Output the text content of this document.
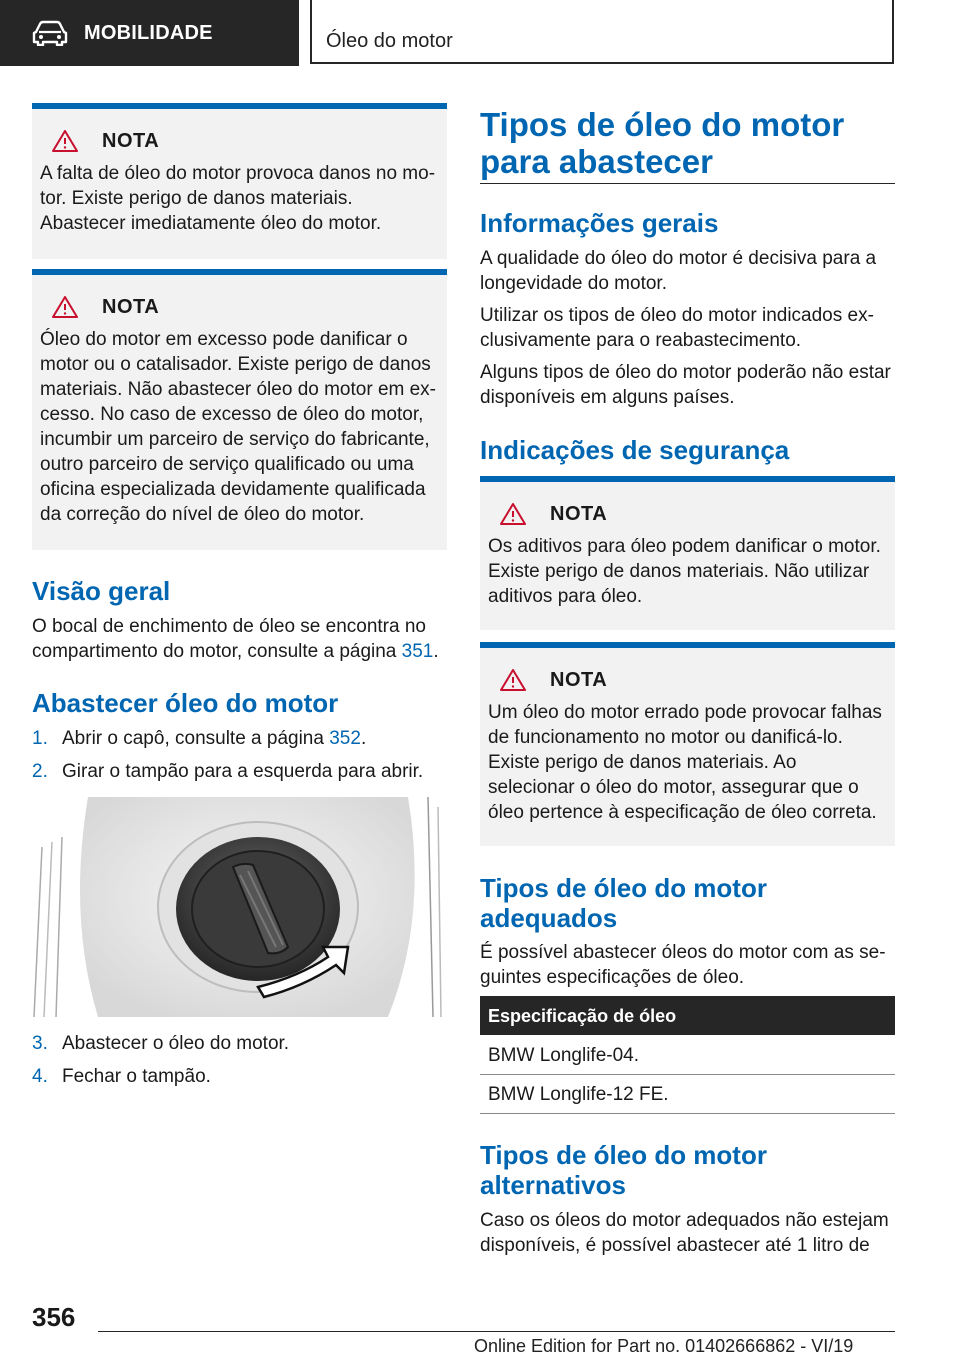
MOBILIDADE	Óleo do motor
NOTA
A falta de óleo do motor provoca danos no mo-tor. Existe perigo de danos materiais. Abastecer imediatamente óleo do motor.
NOTA
Óleo do motor em excesso pode danificar o motor ou o catalisador. Existe perigo de danos materiais. Não abastecer óleo do motor em ex-cesso. No caso de excesso de óleo do motor, incumbir um parceiro de serviço do fabricante, outro parceiro de serviço qualificado ou uma oficina especializada devidamente qualificada da correção do nível de óleo do motor.
Visão geral
O bocal de enchimento de óleo se encontra no compartimento do motor, consulte a página 351.
Abastecer óleo do motor
1. Abrir o capô, consulte a página 352.
2. Girar o tampão para a esquerda para abrir.
3. Abastecer o óleo do motor.
4. Fechar o tampão.
Tipos de óleo do motor para abastecer
Informações gerais
A qualidade do óleo do motor é decisiva para a longevidade do motor.
Utilizar os tipos de óleo do motor indicados ex-clusivamente para o reabastecimento.
Alguns tipos de óleo do motor poderão não estar disponíveis em alguns países.
Indicações de segurança
NOTA
Os aditivos para óleo podem danificar o motor. Existe perigo de danos materiais. Não utilizar aditivos para óleo.
NOTA
Um óleo do motor errado pode provocar falhas de funcionamento no motor ou danificá-lo. Existe perigo de danos materiais. Ao selecionar o óleo do motor, assegurar que o óleo pertence à especificação de óleo correta.
Tipos de óleo do motor adequados
É possível abastecer óleos do motor com as se-guintes especificações de óleo.
Especificação de óleo
BMW Longlife-04.
BMW Longlife-12 FE.
Tipos de óleo do motor alternativos
Caso os óleos do motor adequados não estejam disponíveis, é possível abastecer até 1 litro de
356
Online Edition for Part no. 01402666862 - VI/19
